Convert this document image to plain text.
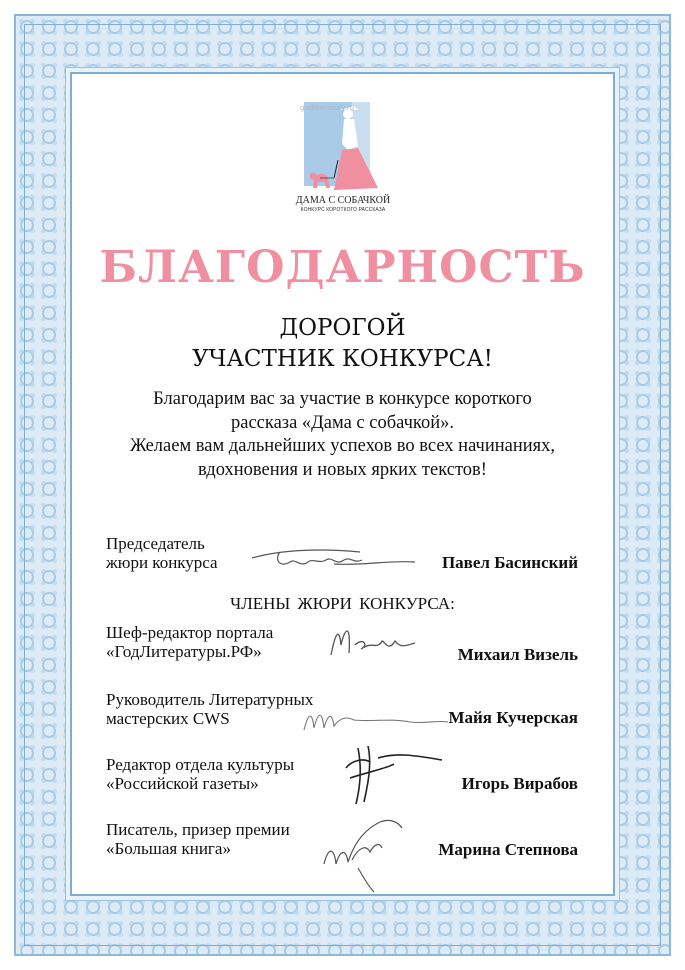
godliteratury.ru
ДАМА С СОБАЧКОЙ
КОНКУРС КОРОТКОГО РАССКАЗА
БЛАГОДАРНОСТЬ
ДОРОГОЙ
УЧАСТНИК КОНКУРСА!
Благодарим вас за участие в конкурсе короткого
рассказа «Дама с собачкой».
Желаем вам дальнейших успехов во всех начинаниях,
вдохновения и новых ярких текстов!
Председатель
жюри конкурса	Павел Басинский
ЧЛЕНЫ ЖЮРИ КОНКУРСА:
Шеф-редактор портала
«ГодЛитературы.РФ»	Михаил Визель
Руководитель Литературных
мастерских CWS	Майя Кучерская
Редактор отдела культуры
«Российской газеты»	Игорь Вирабов
Писатель, призер премии
«Большая книга»	Марина Степнова
